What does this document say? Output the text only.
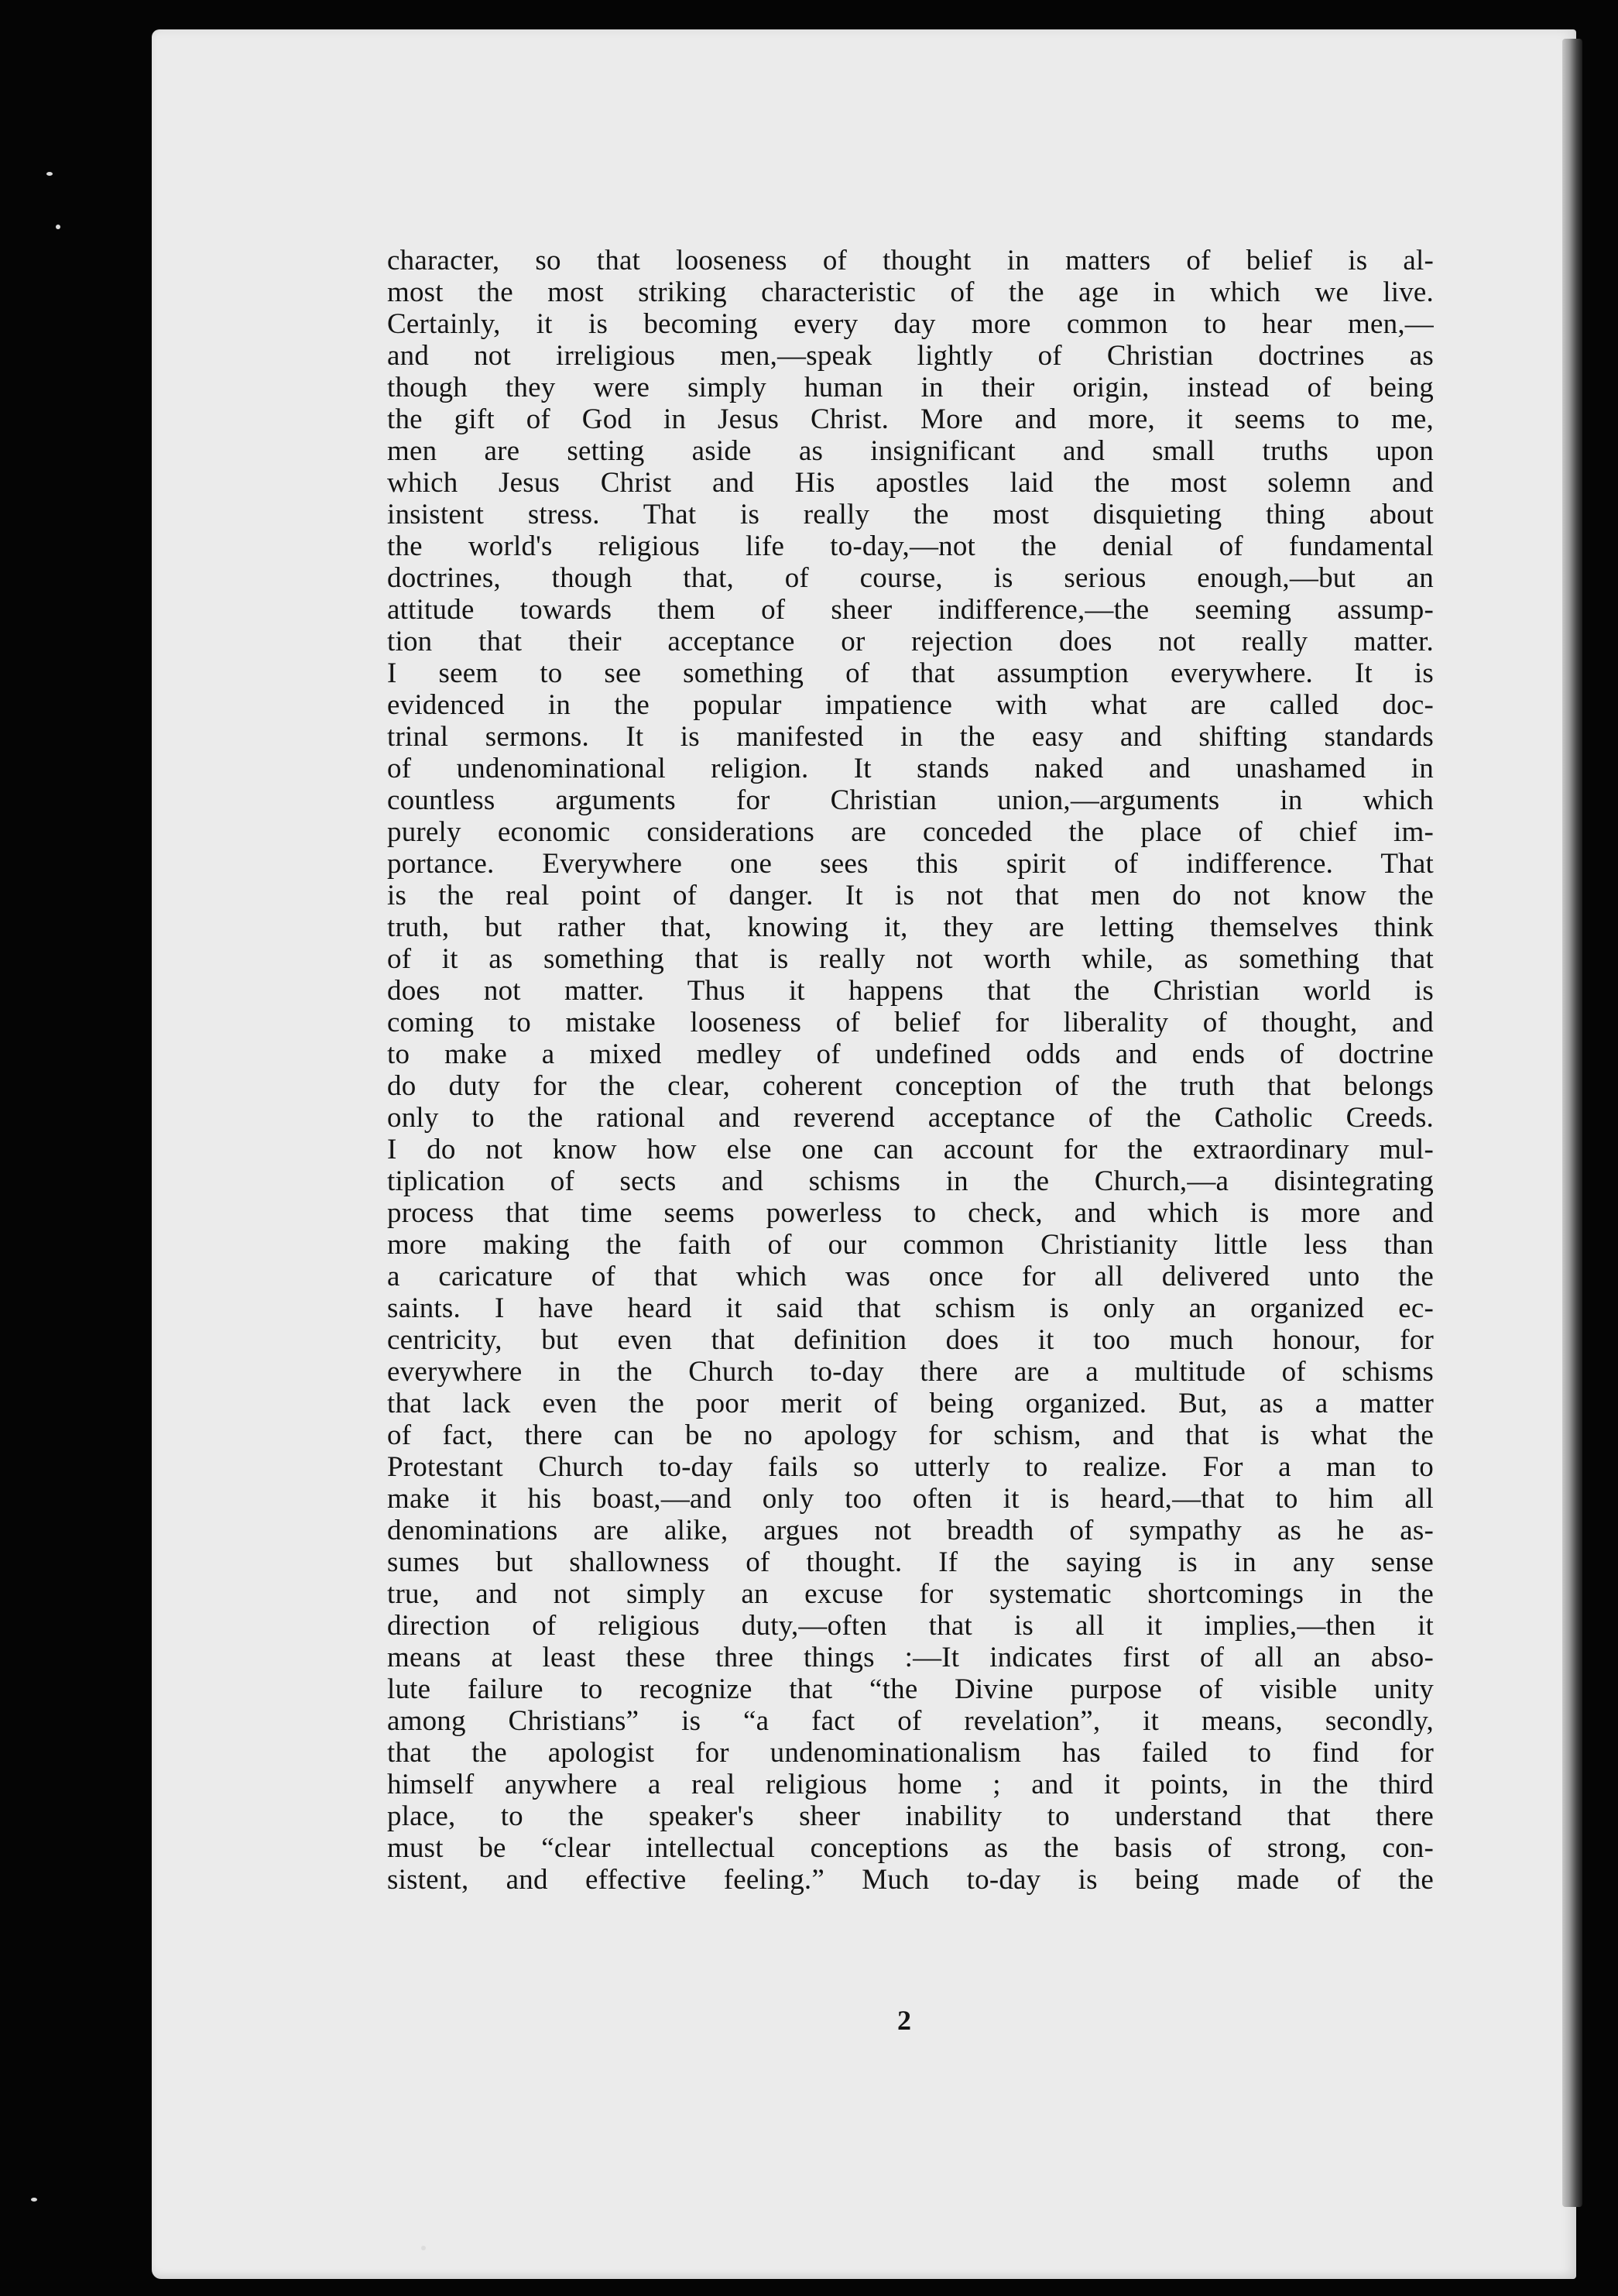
character, so that looseness of thought in matters of belief is al-
most the most striking characteristic of the age in which we live.
Certainly, it is becoming every day more common to hear men,—
and not irreligious men,—speak lightly of Christian doctrines as
though they were simply human in their origin, instead of being
the gift of God in Jesus Christ. More and more, it seems to me,
men are setting aside as insignificant and small truths upon
which Jesus Christ and His apostles laid the most solemn and
insistent stress. That is really the most disquieting thing about
the world's religious life to-day,—not the denial of fundamental
doctrines, though that, of course, is serious enough,—but an
attitude towards them of sheer indifference,—the seeming assump-
tion that their acceptance or rejection does not really matter.
I seem to see something of that assumption everywhere. It is
evidenced in the popular impatience with what are called doc-
trinal sermons. It is manifested in the easy and shifting standards
of undenominational religion. It stands naked and unashamed in
countless arguments for Christian union,—arguments in which
purely economic considerations are conceded the place of chief im-
portance. Everywhere one sees this spirit of indifference. That
is the real point of danger. It is not that men do not know the
truth, but rather that, knowing it, they are letting themselves think
of it as something that is really not worth while, as something that
does not matter. Thus it happens that the Christian world is
coming to mistake looseness of belief for liberality of thought, and
to make a mixed medley of undefined odds and ends of doctrine
do duty for the clear, coherent conception of the truth that belongs
only to the rational and reverend acceptance of the Catholic Creeds.
I do not know how else one can account for the extraordinary mul-
tiplication of sects and schisms in the Church,—a disintegrating
process that time seems powerless to check, and which is more and
more making the faith of our common Christianity little less than
a caricature of that which was once for all delivered unto the
saints. I have heard it said that schism is only an organized ec-
centricity, but even that definition does it too much honour, for
everywhere in the Church to-day there are a multitude of schisms
that lack even the poor merit of being organized. But, as a matter
of fact, there can be no apology for schism, and that is what the
Protestant Church to-day fails so utterly to realize. For a man to
make it his boast,—and only too often it is heard,—that to him all
denominations are alike, argues not breadth of sympathy as he as-
sumes but shallowness of thought. If the saying is in any sense
true, and not simply an excuse for systematic shortcomings in the
direction of religious duty,—often that is all it implies,—then it
means at least these three things :—It indicates first of all an abso-
lute failure to recognize that “the Divine purpose of visible unity
among Christians” is “a fact of revelation”, it means, secondly,
that the apologist for undenominationalism has failed to find for
himself anywhere a real religious home ; and it points, in the third
place, to the speaker's sheer inability to understand that there
must be “clear intellectual conceptions as the basis of strong, con-
sistent, and effective feeling.” Much to-day is being made of the
2
